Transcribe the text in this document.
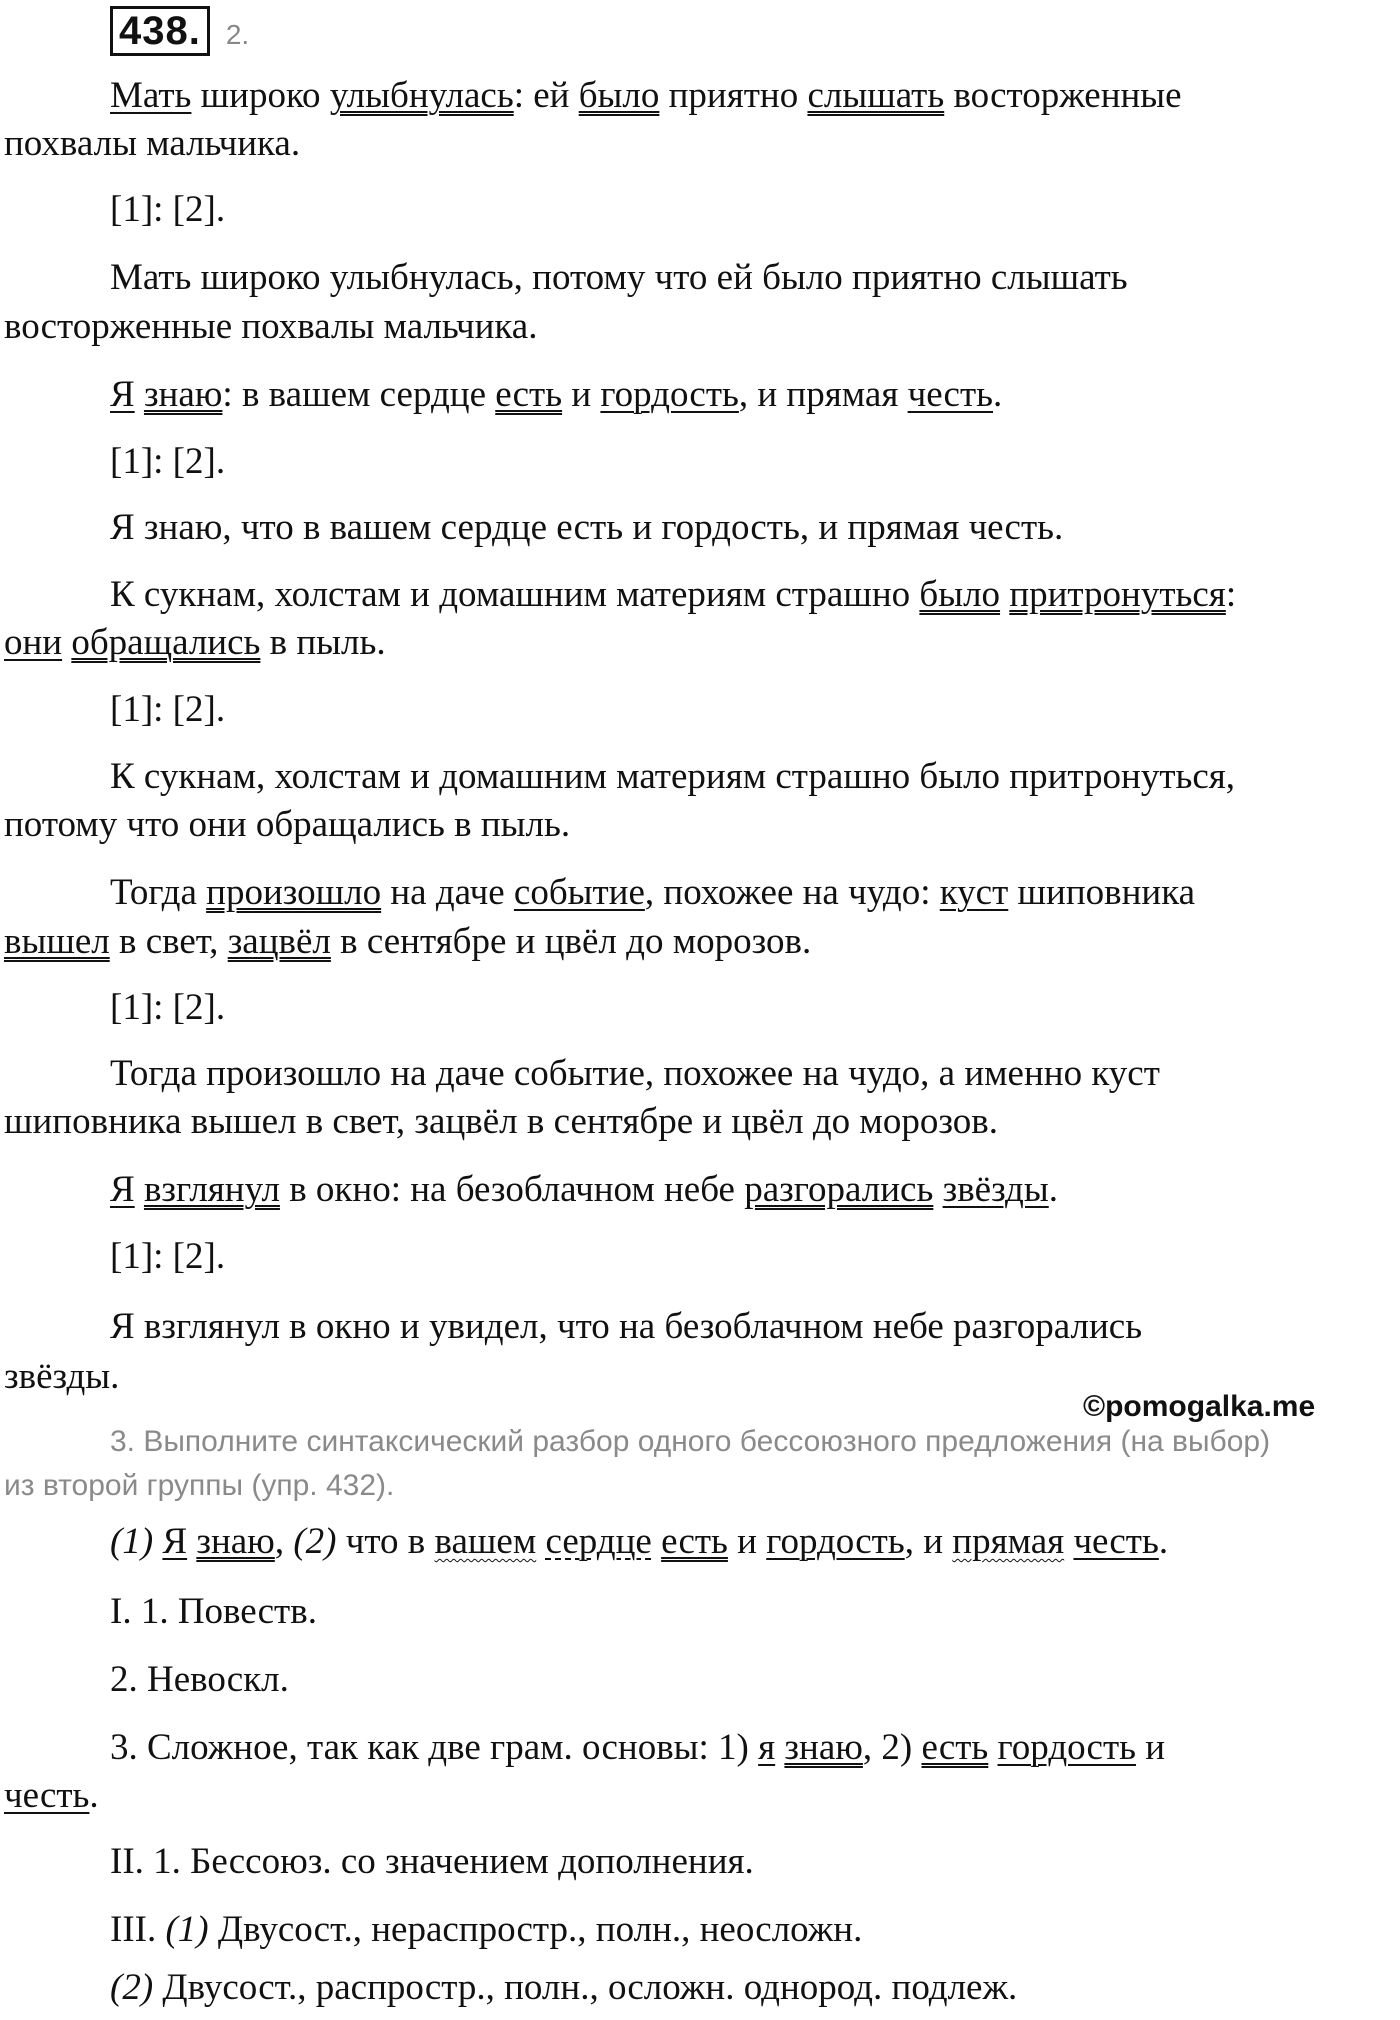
438. 2.
Мать широко улыбнулась: ей было приятно слышать восторженные
похвалы мальчика.
[1]: [2].
Мать широко улыбнулась, потому что ей было приятно слышать
восторженные похвалы мальчика.
Я знаю: в вашем сердце есть и гордость, и прямая честь.
[1]: [2].
Я знаю, что в вашем сердце есть и гордость, и прямая честь.
К сукнам, холстам и домашним материям страшно было притронуться:
они обращались в пыль.
[1]: [2].
К сукнам, холстам и домашним материям страшно было притронуться,
потому что они обращались в пыль.
Тогда произошло на даче событие, похожее на чудо: куст шиповника
вышел в свет, зацвёл в сентябре и цвёл до морозов.
[1]: [2].
Тогда произошло на даче событие, похожее на чудо, а именно куст
шиповника вышел в свет, зацвёл в сентябре и цвёл до морозов.
Я взглянул в окно: на безоблачном небе разгорались звёзды.
[1]: [2].
Я взглянул в окно и увидел, что на безоблачном небе разгорались
звёзды.
©pomogalka.me
3. Выполните синтаксический разбор одного бессоюзного предложения (на выбор)
из второй группы (упр. 432).
(1) Я знаю, (2) что в вашем сердце есть и гордость, и прямая честь.
I. 1. Повеств.
2. Невоскл.
3. Сложное, так как две грам. основы: 1) я знаю, 2) есть гордость и
честь.
II. 1. Бессоюз. со значением дополнения.
III. (1) Двусост., нераспростр., полн., неосложн.
(2) Двусост., распростр., полн., осложн. однород. подлеж.
